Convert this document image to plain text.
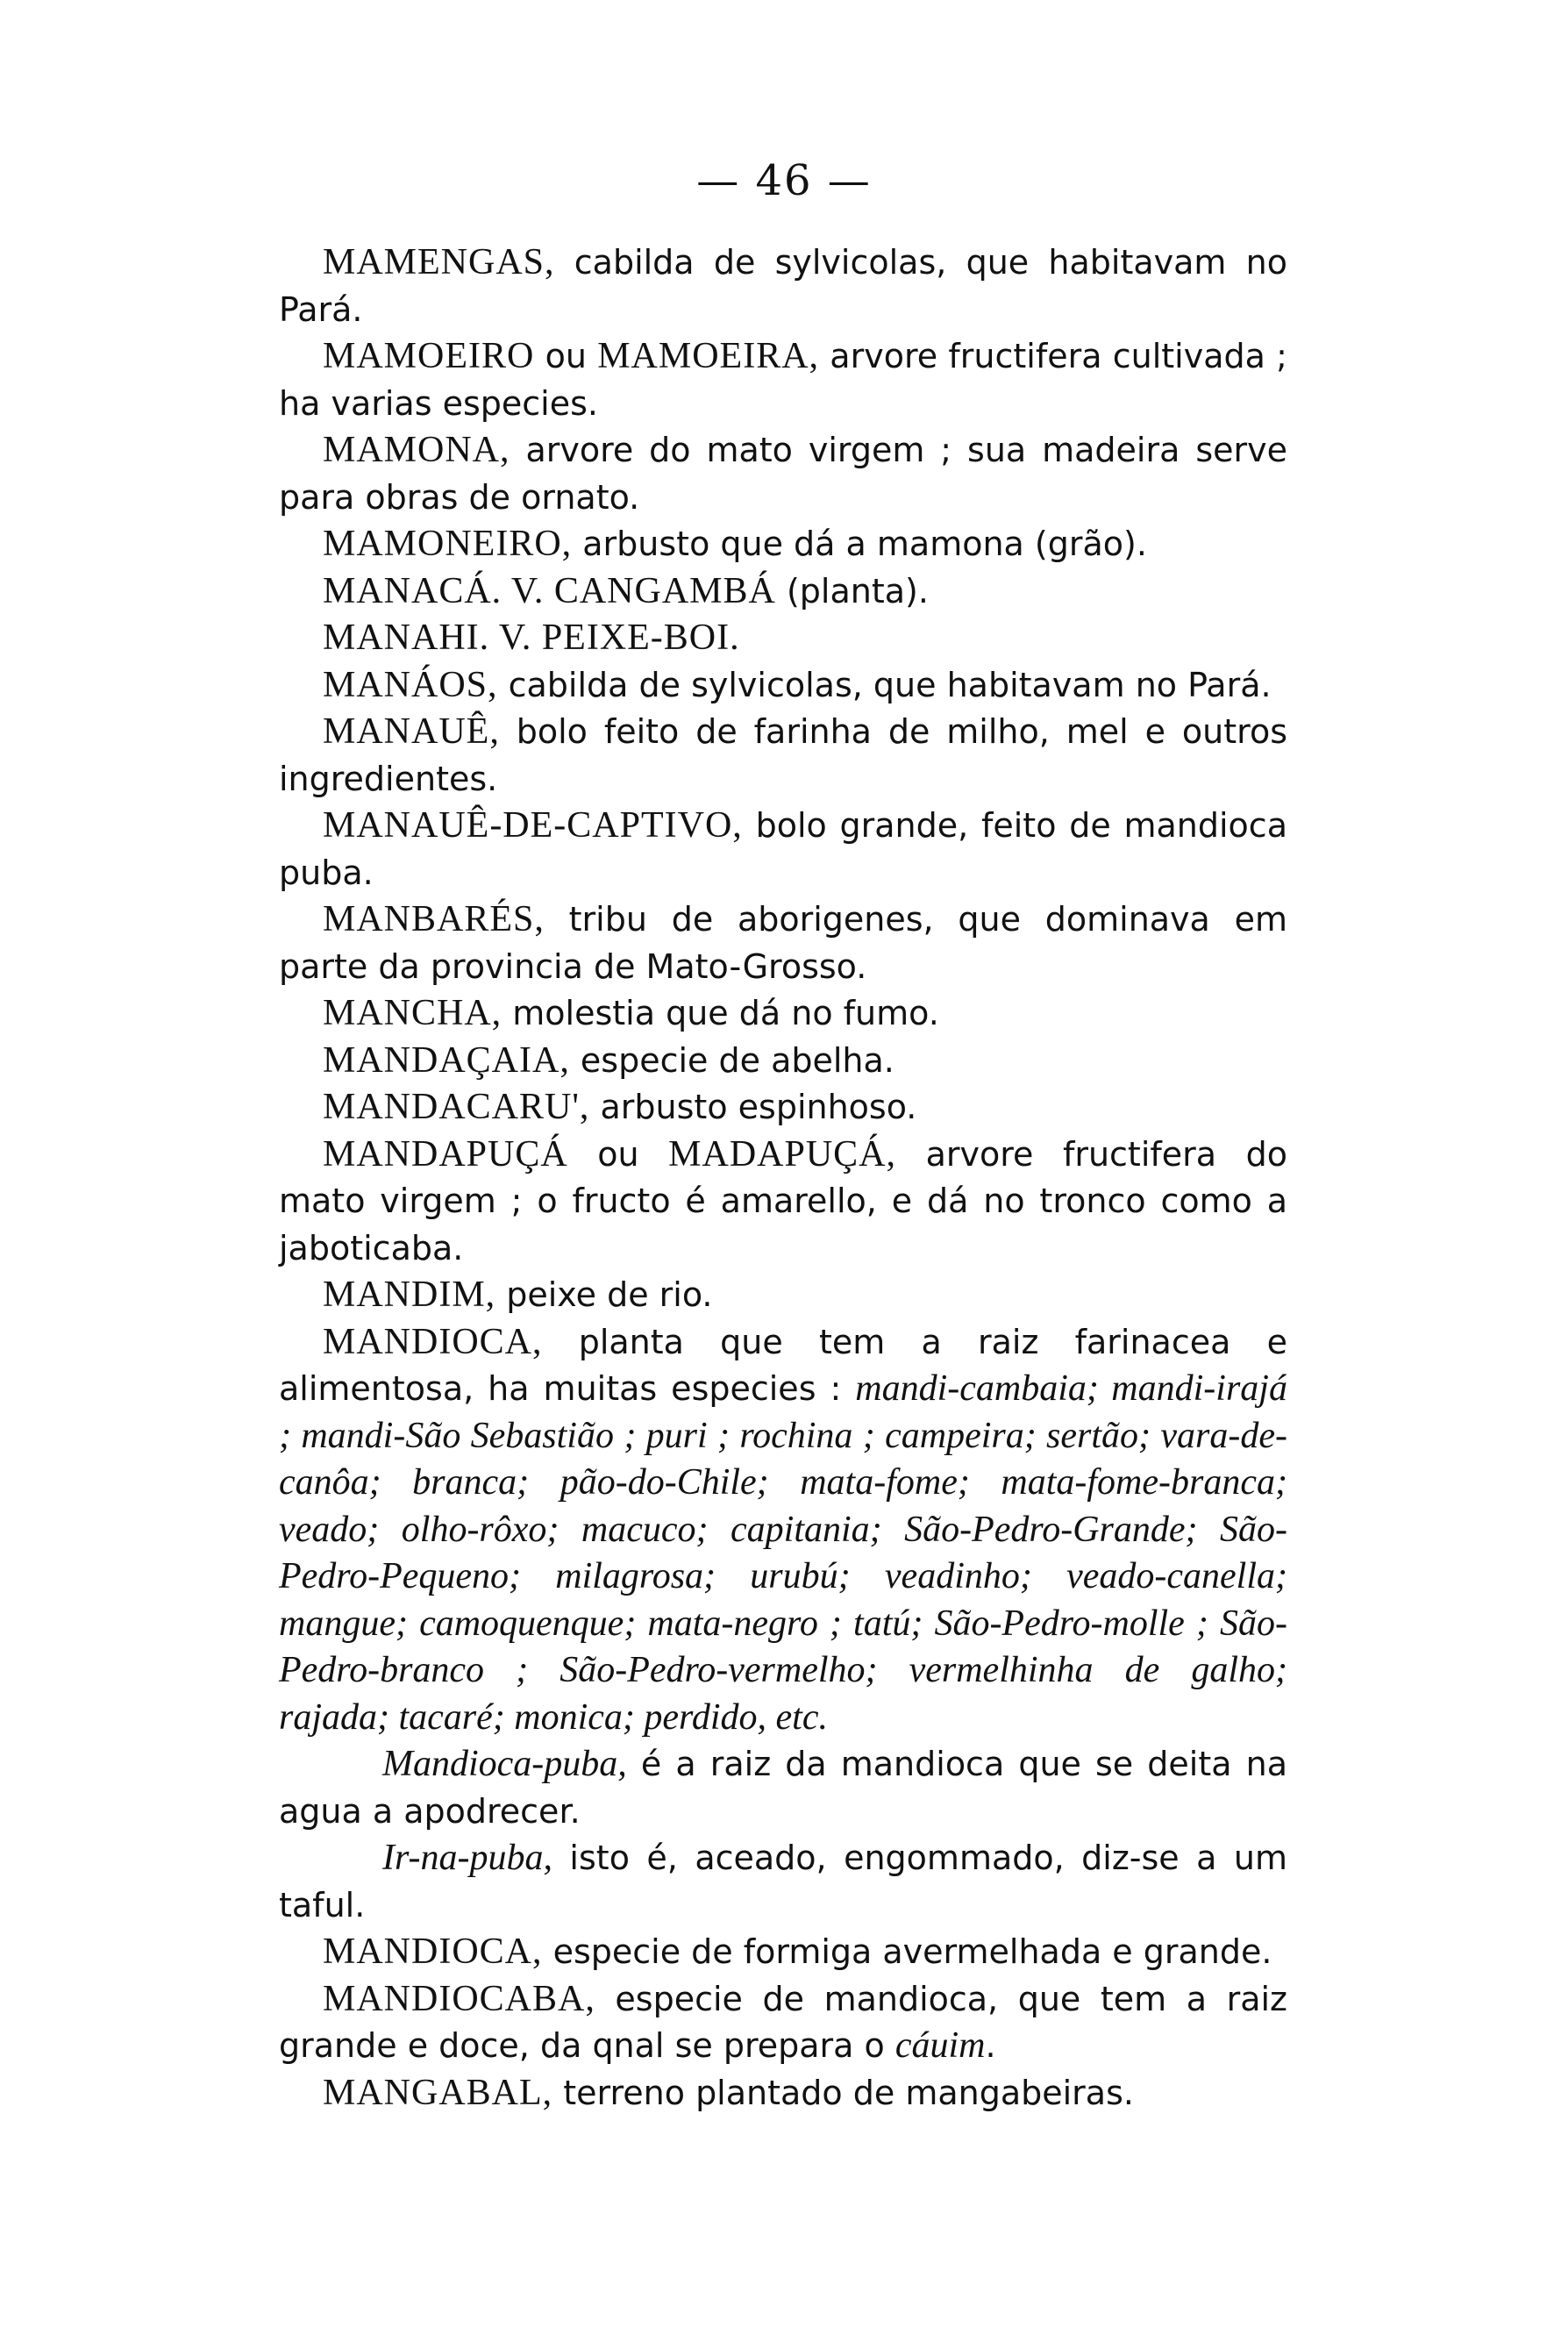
— 46 —

MAMENGAS, cabilda de sylvicolas, que habitavam no Pará.

MAMOEIRO ou MAMOEIRA, arvore fructifera cultivada ; ha varias especies.

MAMONA, arvore do mato virgem ; sua madeira serve para obras de ornato.

MAMONEIRO, arbusto que dá a mamona (grão).

MANACÁ. V. CANGAMBÁ (planta).

MANAHI. V. PEIXE-BOI.

MANÁOS, cabilda de sylvicolas, que habitavam no Pará.

MANAUÊ, bolo feito de farinha de milho, mel e outros ingredientes.

MANAUÊ-DE-CAPTIVO, bolo grande, feito de mandioca puba.

MANBARÉS, tribu de aborigenes, que dominava em parte da provincia de Mato-Grosso.

MANCHA, molestia que dá no fumo.

MANDAÇAIA, especie de abelha.

MANDACARU', arbusto espinhoso.

MANDAPUÇÁ ou MADAPUÇÁ, arvore fructifera do mato virgem ; o fructo é amarello, e dá no tronco como a jaboticaba.

MANDIM, peixe de rio.

MANDIOCA, planta que tem a raiz farinacea e alimentosa, ha muitas especies : mandi-cambaia; mandi-irajá ; mandi-São Sebastião ; puri ; rochina ; campeira; sertão; vara-de-canôa; branca; pão-do-Chile; mata-fome; mata-fome-branca; veado; olho-rôxo; macuco; capitania; São-Pedro-Grande; São-Pedro-Pequeno; milagrosa; urubú; veadinho; veado-canella; mangue; camoquenque; mata-negro ; tatú; São-Pedro-molle ; São-Pedro-branco ; São-Pedro-vermelho; vermelhinha de galho; rajada; tacaré; monica; perdido, etc.

Mandioca-puba, é a raiz da mandioca que se deita na agua a apodrecer.

Ir-na-puba, isto é, aceado, engommado, diz-se a um taful.

MANDIOCA, especie de formiga avermelhada e grande.

MANDIOCABA, especie de mandioca, que tem a raiz grande e doce, da qnal se prepara o cáuim.

MANGABAL, terreno plantado de mangabeiras.
